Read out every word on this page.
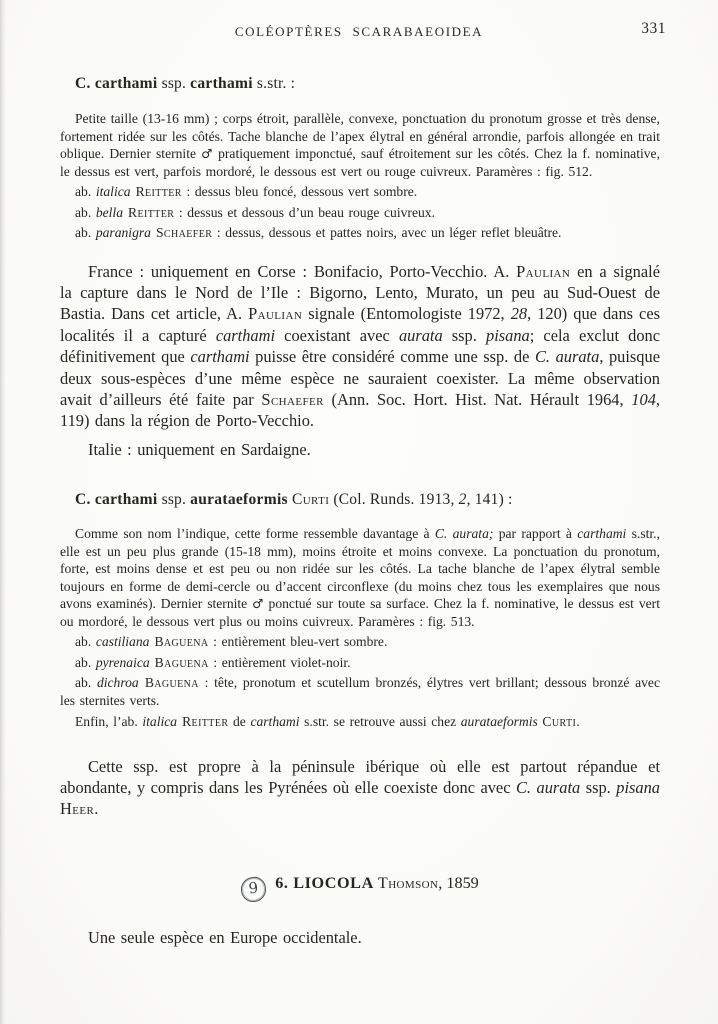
COLÉOPTÈRES SCARABAEOIDEA	331
C. carthami ssp. carthami s.str. :

Petite taille (13-16 mm) ; corps étroit, parallèle, convexe, ponctuation du pronotum grosse et très dense, fortement ridée sur les côtés. Tache blanche de l’apex élytral en général arrondie, parfois allongée en trait oblique. Dernier sternite ♂ pratiquement imponctué, sauf étroitement sur les côtés. Chez la f. nominative, le dessus est vert, parfois mordoré, le dessous est vert ou rouge cuivreux. Paramères : fig. 512.

ab. italica Reitter : dessus bleu foncé, dessous vert sombre.

ab. bella Reitter : dessus et dessous d’un beau rouge cuivreux.

ab. paranigra Schaefer : dessus, dessous et pattes noirs, avec un léger reflet bleuâtre.

France : uniquement en Corse : Bonifacio, Porto-Vecchio. A. Paulian en a signalé la capture dans le Nord de l’Ile : Bigorno, Lento, Murato, un peu au Sud-Ouest de Bastia. Dans cet article, A. Paulian signale (Entomologiste 1972, 28, 120) que dans ces localités il a capturé carthami coexistant avec aurata ssp. pisana; cela exclut donc définitivement que carthami puisse être considéré comme une ssp. de C. aurata, puisque deux sous-espèces d’une même espèce ne sauraient coexister. La même observation avait d’ailleurs été faite par Schaefer (Ann. Soc. Hort. Hist. Nat. Hérault 1964, 104, 119) dans la région de Porto-Vecchio.

Italie : uniquement en Sardaigne.

C. carthami ssp. aurataeformis Curti (Col. Runds. 1913, 2, 141) :

Comme son nom l’indique, cette forme ressemble davantage à C. aurata; par rapport à carthami s.str., elle est un peu plus grande (15-18 mm), moins étroite et moins convexe. La ponctuation du pronotum, forte, est moins dense et est peu ou non ridée sur les côtés. La tache blanche de l’apex élytral semble toujours en forme de demi-cercle ou d’accent circonflexe (du moins chez tous les exemplaires que nous avons examinés). Dernier sternite ♂ ponctué sur toute sa surface. Chez la f. nominative, le dessus est vert ou mordoré, le dessous vert plus ou moins cuivreux. Paramères : fig. 513.

ab. castiliana Baguena : entièrement bleu-vert sombre.

ab. pyrenaica Baguena : entièrement violet-noir.

ab. dichroa Baguena : tête, pronotum et scutellum bronzés, élytres vert brillant; dessous bronzé avec les sternites verts.

Enfin, l’ab. italica Reitter de carthami s.str. se retrouve aussi chez aurataeformis Curti.

Cette ssp. est propre à la péninsule ibérique où elle est partout répandue et abondante, y compris dans les Pyrénées où elle coexiste donc avec C. aurata ssp. pisana Heer.

9 6. LIOCOLA Thomson, 1859

Une seule espèce en Europe occidentale.
